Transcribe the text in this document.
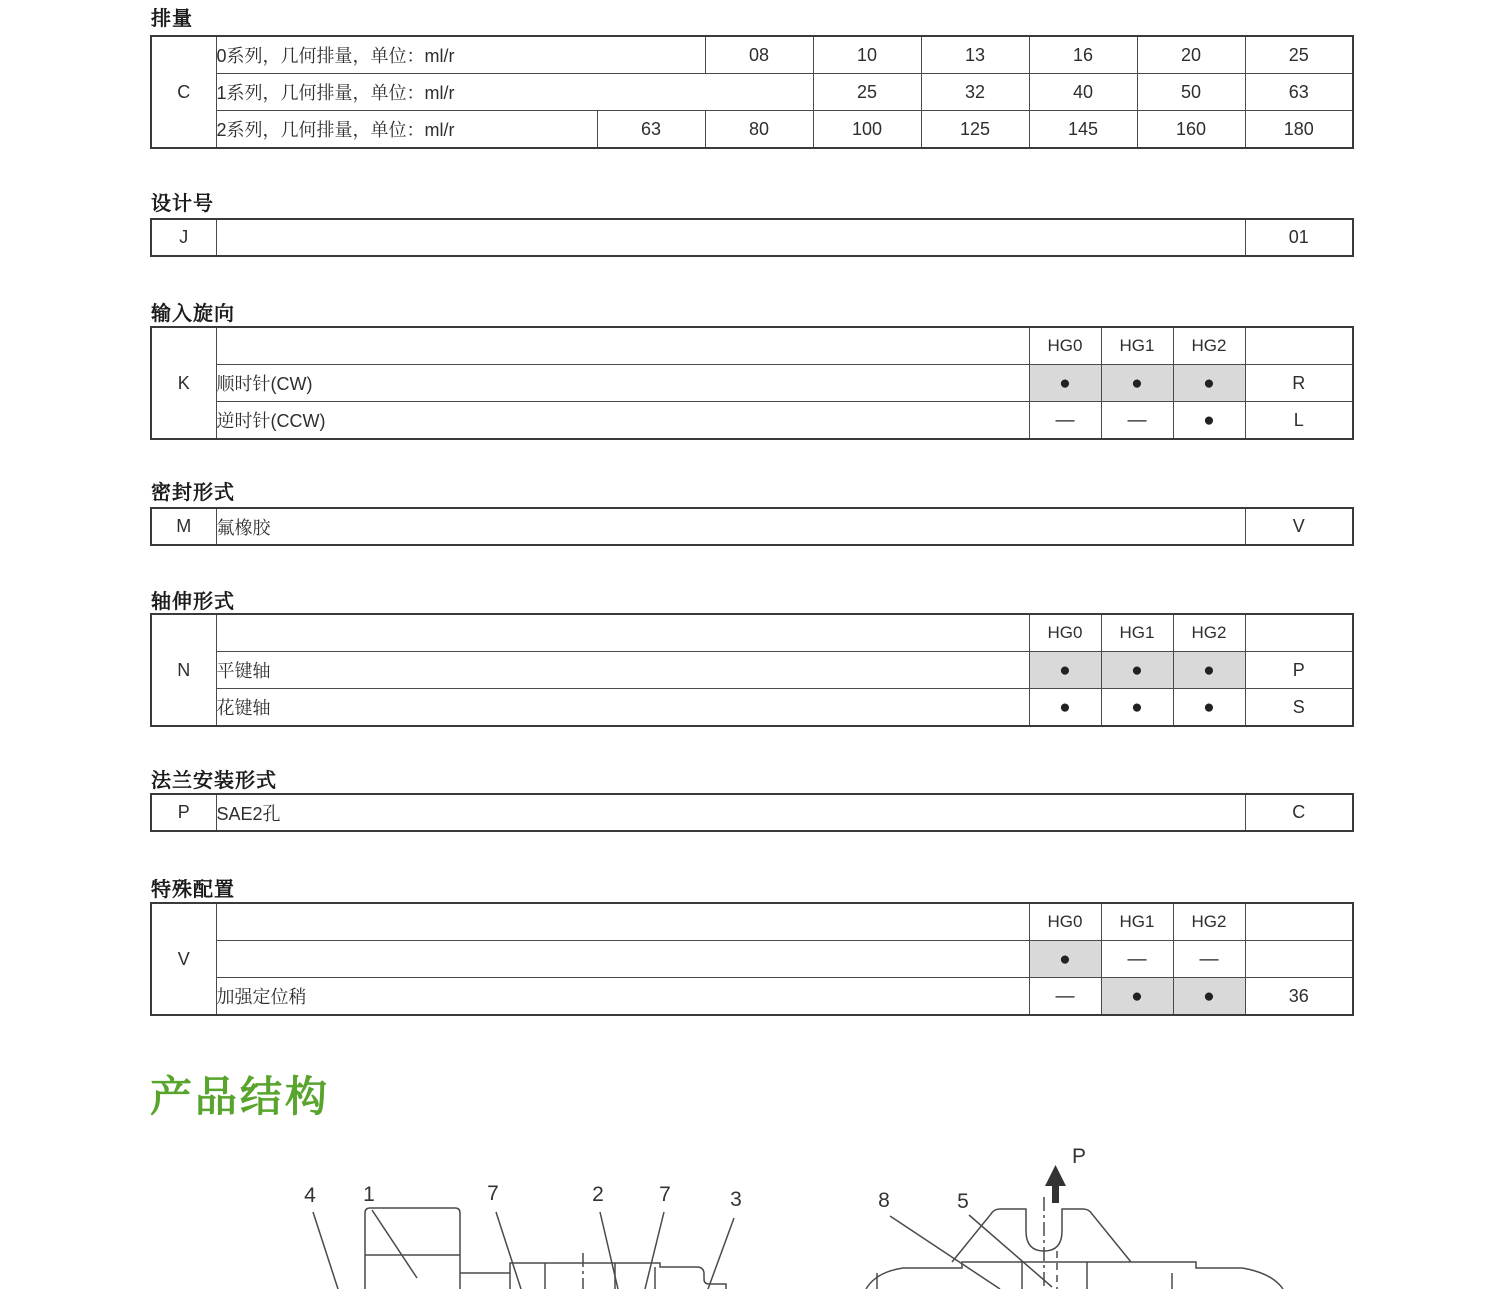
排量
C	0系列，几何排量，单位：ml/r		08	10	13	16	20	25
	1系列，几何排量，单位：ml/r			25	32	40	50	63
	2系列，几何排量，单位：ml/r	63	80	100	125	145	160	180
设计号
J		01
输入旋向
K		HG0	HG1	HG2	
	顺时针(CW)	●	●	●	R
	逆时针(CCW)	—	—	●	L
密封形式
M	氟橡胶	V
轴伸形式
N		HG0	HG1	HG2	
	平键轴	●	●	●	P
	花键轴	●	●	●	S
法兰安装形式
P	SAE2孔	C
特殊配置
V		HG0	HG1	HG2	
		●	—	—	
	加强定位稍	—	●	●	36
产品结构
4 1	7	2	7	3
P
8	5
